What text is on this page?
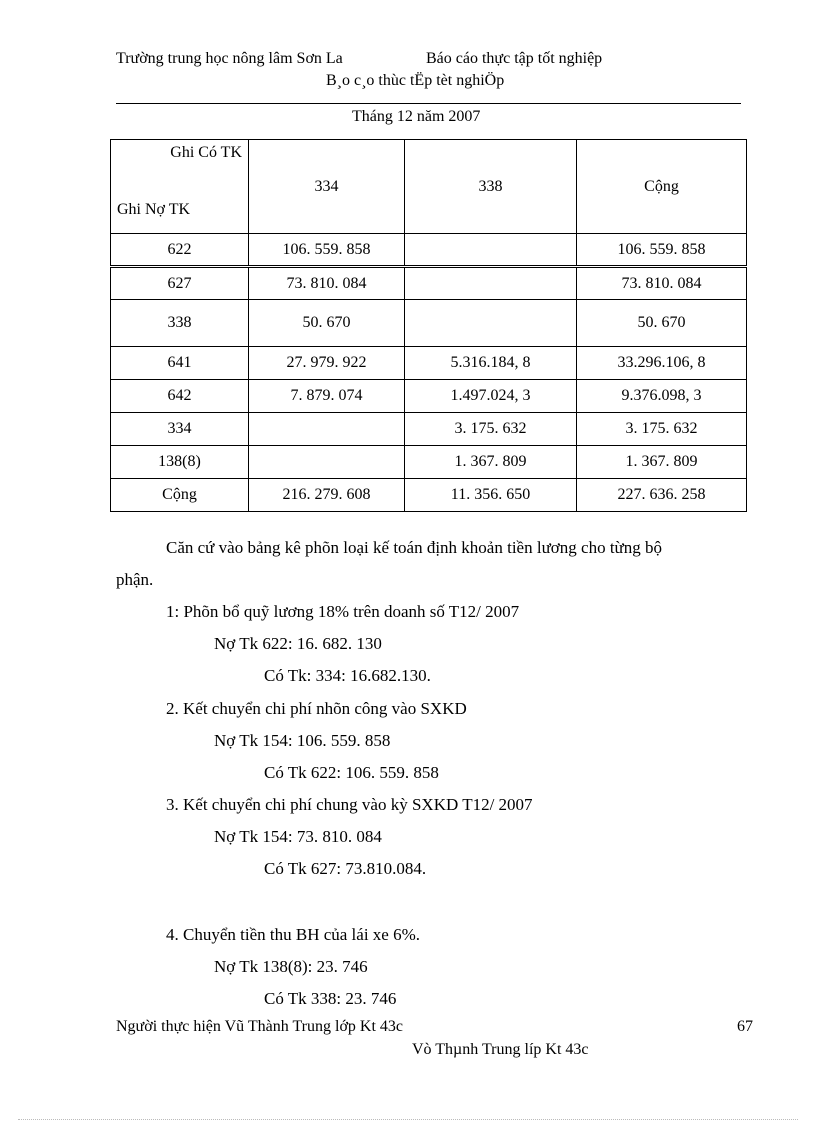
Trường trung học nông lâm Sơn La	Báo cáo thực tập tốt nghiệp
B¸o c¸o thùc tËp tèt nghiÖp
Tháng 12 năm 2007
Ghi Có TK
Ghi Nợ TK	334	338	Cộng
622	106. 559. 858		106. 559. 858
627	73. 810. 084		73. 810. 084
338	50. 670		50. 670
641	27. 979. 922	5.316.184, 8	33.296.106, 8
642	7. 879. 074	1.497.024, 3	9.376.098, 3
334		3. 175. 632	3. 175. 632
138(8)		1. 367. 809	1. 367. 809
Cộng	216. 279. 608	11. 356. 650	227. 636. 258
Căn cứ vào bảng kê phõn loại kế toán định khoản tiền lương cho từng bộ
phận.
1: Phõn bổ quỹ lương 18% trên doanh số T12/ 2007
Nợ Tk 622: 16. 682. 130
Có Tk: 334: 16.682.130.
2. Kết chuyển chi phí nhõn công vào SXKD
Nợ Tk 154: 106. 559. 858
Có Tk 622: 106. 559. 858
3. Kết chuyển chi phí chung vào kỳ SXKD T12/ 2007
Nợ Tk 154: 73. 810. 084
Có Tk 627: 73.810.084.
4. Chuyển tiền thu BH của lái xe 6%.
Nợ Tk 138(8): 23. 746
Có Tk 338: 23. 746
Người thực hiện Vũ Thành Trung lớp Kt 43c	67
Vò Thµnh Trung líp Kt 43c
